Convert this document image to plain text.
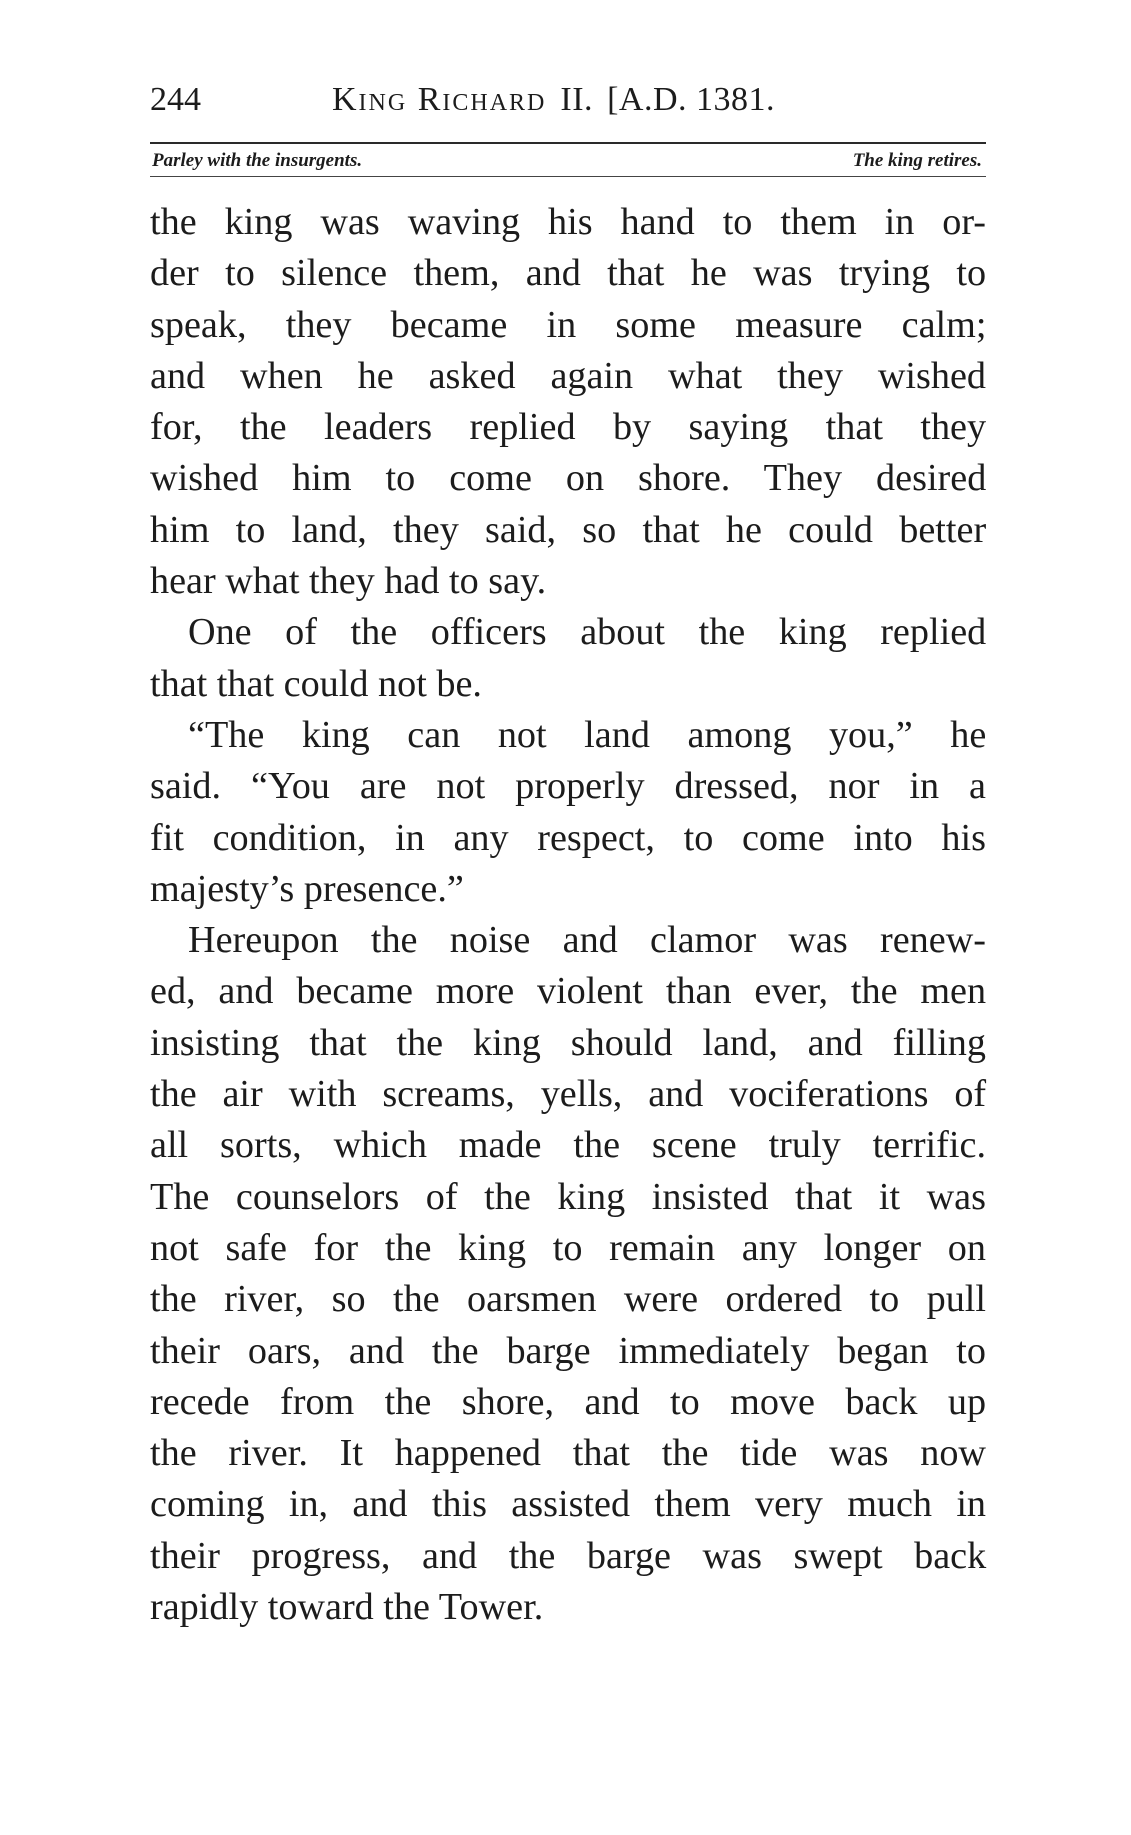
244	King Richard II. [A.D. 1381.
Parley with the insurgents.	The king retires.
the king was waving his hand to them in or-
der to silence them, and that he was trying to
speak, they became in some measure calm;
and when he asked again what they wished
for, the leaders replied by saying that they
wished him to come on shore. They desired
him to land, they said, so that he could better
hear what they had to say.
One of the officers about the king replied
that that could not be.
“The king can not land among you,” he
said. “You are not properly dressed, nor in a
fit condition, in any respect, to come into his
majesty’s presence.”
Hereupon the noise and clamor was renew-
ed, and became more violent than ever, the men
insisting that the king should land, and filling
the air with screams, yells, and vociferations of
all sorts, which made the scene truly terrific.
The counselors of the king insisted that it was
not safe for the king to remain any longer on
the river, so the oarsmen were ordered to pull
their oars, and the barge immediately began to
recede from the shore, and to move back up
the river. It happened that the tide was now
coming in, and this assisted them very much in
their progress, and the barge was swept back
rapidly toward the Tower.
